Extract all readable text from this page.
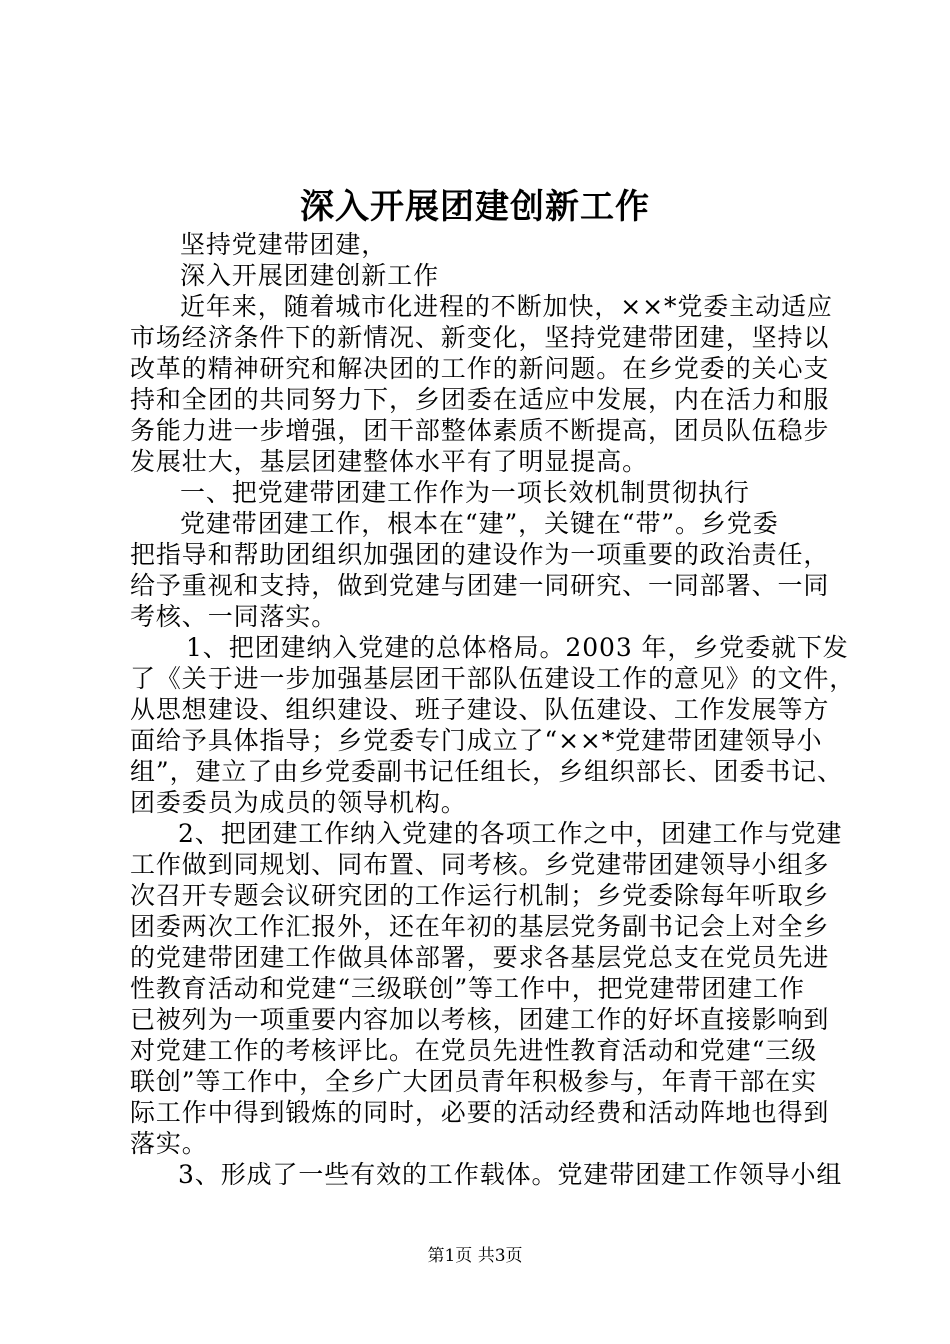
深入开展团建创新工作
坚持党建带团建，
深入开展团建创新工作
近年来，随着城市化进程的不断加快，××*党委主动适应
市场经济条件下的新情况、新变化，坚持党建带团建，坚持以
改革的精神研究和解决团的工作的新问题。在乡党委的关心支
持和全团的共同努力下，乡团委在适应中发展，内在活力和服
务能力进一步增强，团干部整体素质不断提高，团员队伍稳步
发展壮大，基层团建整体水平有了明显提高。
一、把党建带团建工作作为一项长效机制贯彻执行
党建带团建工作，根本在“建”，关键在“带”。乡党委
把指导和帮助团组织加强团的建设作为一项重要的政治责任，
给予重视和支持，做到党建与团建一同研究、一同部署、一同
考核、一同落实。
1、把团建纳入党建的总体格局。2003 年，乡党委就下发
了《关于进一步加强基层团干部队伍建设工作的意见》的文件，
从思想建设、组织建设、班子建设、队伍建设、工作发展等方
面给予具体指导；乡党委专门成立了“××*党建带团建领导小
组”，建立了由乡党委副书记任组长，乡组织部长、团委书记、
团委委员为成员的领导机构。
2、把团建工作纳入党建的各项工作之中，团建工作与党建
工作做到同规划、同布置、同考核。乡党建带团建领导小组多
次召开专题会议研究团的工作运行机制；乡党委除每年听取乡
团委两次工作汇报外，还在年初的基层党务副书记会上对全乡
的党建带团建工作做具体部署，要求各基层党总支在党员先进
性教育活动和党建“三级联创”等工作中，把党建带团建工作
已被列为一项重要内容加以考核，团建工作的好坏直接影响到
对党建工作的考核评比。在党员先进性教育活动和党建“三级
联创”等工作中，全乡广大团员青年积极参与，年青干部在实
际工作中得到锻炼的同时，必要的活动经费和活动阵地也得到
落实。
3、形成了一些有效的工作载体。党建带团建工作领导小组
第1页 共3页
